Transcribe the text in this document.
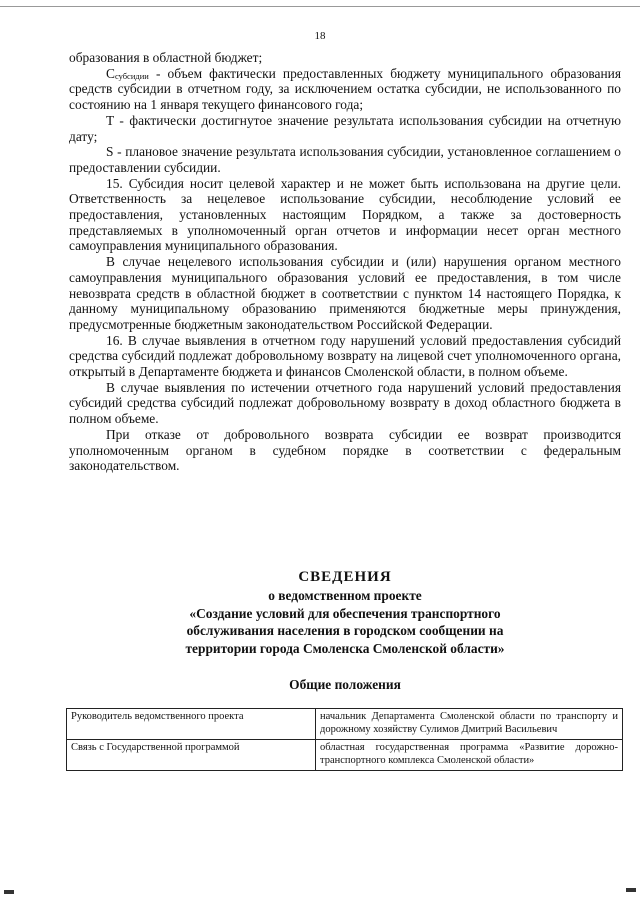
18

образования в областной бюджет;

$C_{субсидии}$ - объем фактически предоставленных бюджету муниципального образования средств субсидии в отчетном году, за исключением остатка субсидии, не использованного по состоянию на 1 января текущего финансового года;

T - фактически достигнутое значение результата использования субсидии на отчетную дату;

S - плановое значение результата использования субсидии, установленное соглашением о предоставлении субсидии.

15. Субсидия носит целевой характер и не может быть использована на другие цели. Ответственность за нецелевое использование субсидии, несоблюдение условий ее предоставления, установленных настоящим Порядком, а также за достоверность представляемых в уполномоченный орган отчетов и информации несет орган местного самоуправления муниципального образования.

В случае нецелевого использования субсидии и (или) нарушения органом местного самоуправления муниципального образования условий ее предоставления, в том числе невозврата средств в областной бюджет в соответствии с пунктом 14 настоящего Порядка, к данному муниципальному образованию применяются бюджетные меры принуждения, предусмотренные бюджетным законодательством Российской Федерации.

16. В случае выявления в отчетном году нарушений условий предоставления субсидий средства субсидий подлежат добровольному возврату на лицевой счет уполномоченного органа, открытый в Департаменте бюджета и финансов Смоленской области, в полном объеме.

В случае выявления по истечении отчетного года нарушений условий предоставления субсидий средства субсидий подлежат добровольному возврату в доход областного бюджета в полном объеме.

При отказе от добровольного возврата субсидии ее возврат производится уполномоченным органом в судебном порядке в соответствии с федеральным законодательством.

СВЕДЕНИЯ
о ведомственном проекте
«Создание условий для обеспечения транспортного
обслуживания населения в городском сообщении на
территории города Смоленска Смоленской области»
Общие положения
Руководитель ведомственного проекта	начальник Департамента Смоленской области по транспорту и дорожному хозяйству Сулимов Дмитрий Васильевич
Связь с Государственной программой	областная государственная программа «Развитие дорожно-транспортного комплекса Смоленской области»
